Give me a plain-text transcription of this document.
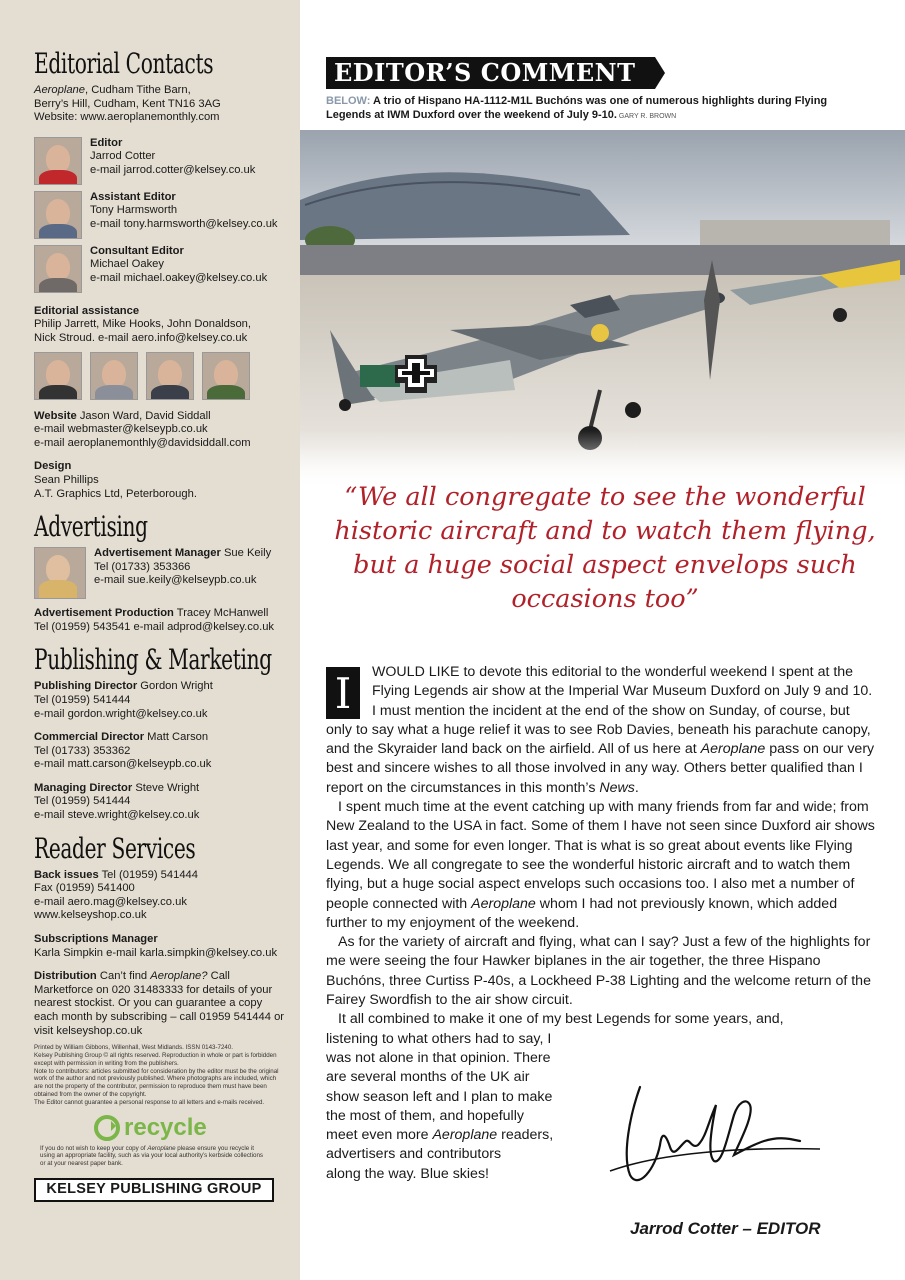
Editorial Contacts
Aeroplane, Cudham Tithe Barn,
Berry’s Hill, Cudham, Kent TN16 3AG
Website: www.aeroplanemonthly.com
Editor
Jarrod Cotter
e-mail jarrod.cotter@kelsey.co.uk
Assistant Editor
Tony Harmsworth
e-mail tony.harmsworth@kelsey.co.uk
Consultant Editor
Michael Oakey
e-mail michael.oakey@kelsey.co.uk
Editorial assistance
Philip Jarrett, Mike Hooks, John Donaldson,
Nick Stroud. e-mail aero.info@kelsey.co.uk

Website Jason Ward, David Siddall
e-mail webmaster@kelseypb.co.uk
e-mail aeroplanemonthly@davidsiddall.com

Design
Sean Phillips
A.T. Graphics Ltd, Peterborough.

Advertising
Advertisement Manager Sue Keily
Tel (01733) 353366
e-mail sue.keily@kelseypb.co.uk

Advertisement Production Tracey McHanwell
Tel (01959) 543541 e-mail adprod@kelsey.co.uk

Publishing & Marketing

Publishing Director Gordon Wright
Tel (01959) 541444
e-mail gordon.wright@kelsey.co.uk

Commercial Director Matt Carson
Tel (01733) 353362
e-mail matt.carson@kelseypb.co.uk

Managing Director Steve Wright
Tel (01959) 541444
e-mail steve.wright@kelsey.co.uk

Reader Services

Back issues Tel (01959) 541444
Fax (01959) 541400
e-mail aero.mag@kelsey.co.uk
www.kelseyshop.co.uk

Subscriptions Manager
Karla Simpkin e-mail karla.simpkin@kelsey.co.uk

Distribution Can’t find Aeroplane? Call Marketforce on 020 31483333 for details of your nearest stockist. Or you can guarantee a copy each month by subscribing – call 01959 541444 or visit kelseyshop.co.uk

Printed by William Gibbons, Willenhall, West Midlands. ISSN 0143-7240.
Kelsey Publishing Group © all rights reserved. Reproduction in whole or part is forbidden except with permission in writing from the publishers.
Note to contributors: articles submitted for consideration by the editor must be the original work of the author and not previously published. Where photographs are included, which are not the property of the contributor, permission to reproduce them must have been obtained from the owner of the copyright.
The Editor cannot guarantee a personal response to all letters and e-mails received.
recycle
If you do not wish to keep your copy of Aeroplane please ensure you recycle it using an appropriate facility, such as via your local authority’s kerbside collections or at your nearest paper bank.
KELSEY PUBLISHING GROUP
EDITOR’S COMMENT
BELOW: A trio of Hispano HA-1112-M1L Buchóns was one of numerous highlights during Flying Legends at IWM Duxford over the weekend of July 9-10. GARY R. BROWN
“We all congregate to see the wonderful historic aircraft and to watch them flying, but a huge social aspect envelops such occasions too”

I	WOULD LIKE to devote this editorial to the wonderful weekend I spent at the Flying Legends air show at the Imperial War Museum Duxford on July 9 and 10. I must mention the incident at the end of the show on Sunday, of course, but only to say what a huge relief it was to see Rob Davies, beneath his parachute canopy, and the Skyraider land back on the airfield. All of us here at Aeroplane pass on our very best and sincere wishes to all those involved in any way. Others better qualified than I report on the circumstances in this month’s News.

I spent much time at the event catching up with many friends from far and wide; from New Zealand to the USA in fact. Some of them I have not seen since Duxford air shows last year, and some for even longer. That is what is so great about events like Flying Legends. We all congregate to see the wonderful historic aircraft and to watch them flying, but a huge social aspect envelops such occasions too. I also met a number of people connected with Aeroplane whom I had not previously known, which added further to my enjoyment of the weekend.

As for the variety of aircraft and flying, what can I say? Just a few of the highlights for me were seeing the four Hawker biplanes in the air together, the three Hispano Buchóns, three Curtiss P-40s, a Lockheed P-38 Lighting and the welcome return of the Fairey Swordfish to the air show circuit.

It all combined to make it one of my best Legends for some years, and,

listening to what others had to say, I
was not alone in that opinion. There
are several months of the UK air
show season left and I plan to make
the most of them, and hopefully
meet even more Aeroplane readers,
advertisers and contributors
along the way. Blue skies!
Jarrod Cotter – EDITOR
